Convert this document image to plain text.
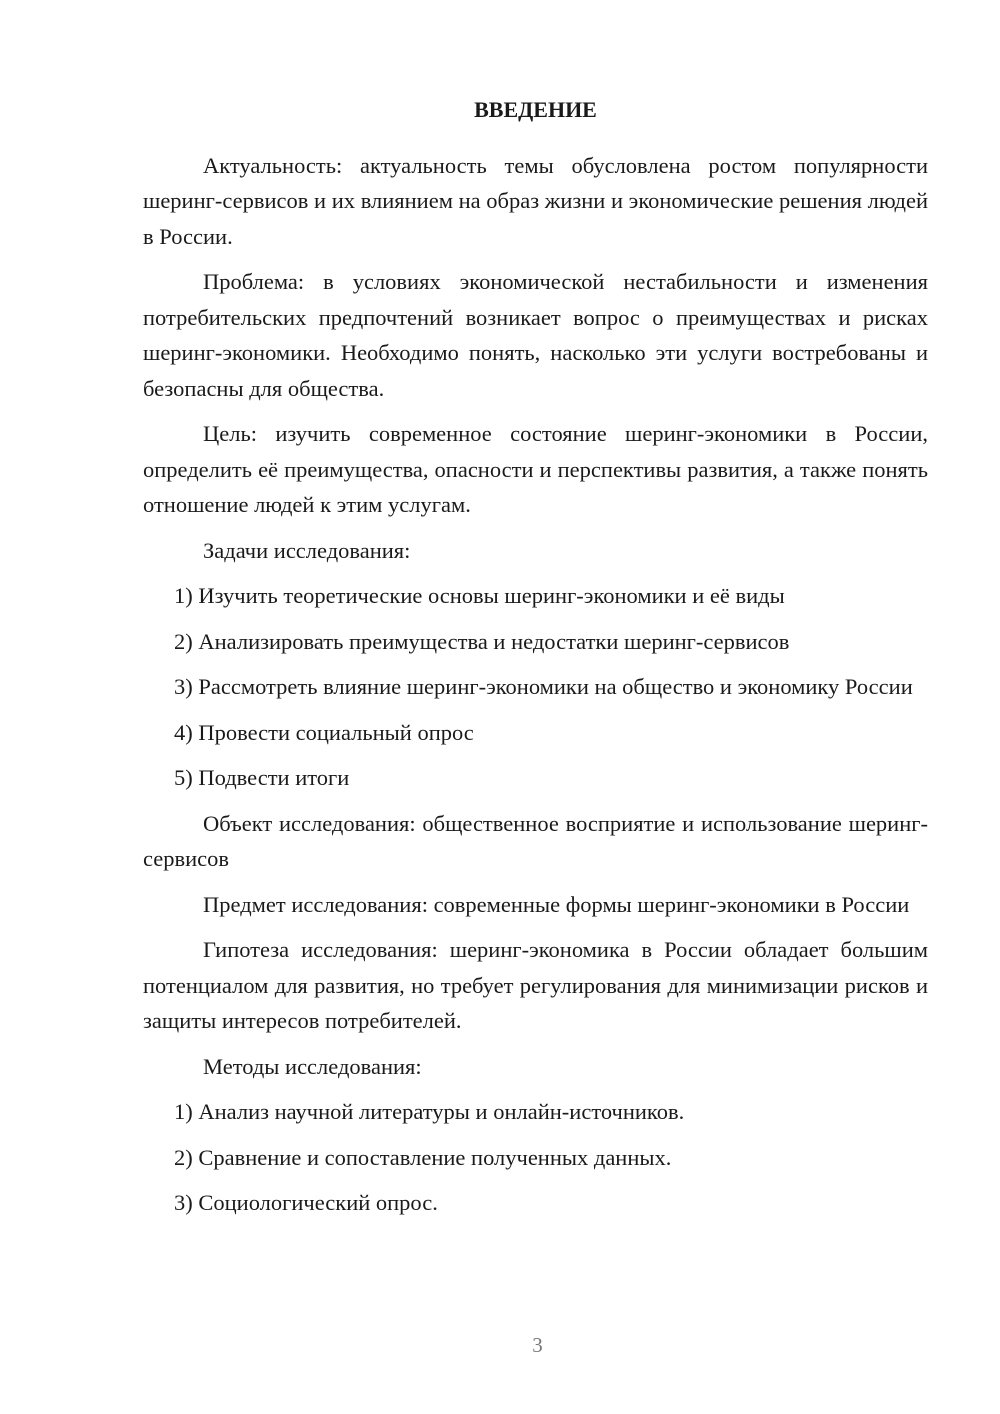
ВВЕДЕНИЕ

Актуальность: актуальность темы обусловлена ростом популярности шеринг-сервисов и их влиянием на образ жизни и экономические решения людей в России.

Проблема: в условиях экономической нестабильности и изменения потребительских предпочтений возникает вопрос о преимуществах и рисках шеринг-экономики. Необходимо понять, насколько эти услуги востребованы и безопасны для общества.

Цель: изучить современное состояние шеринг-экономики в России, определить её преимущества, опасности и перспективы развития, а также понять отношение людей к этим услугам.

Задачи исследования:

1) Изучить теоретические основы шеринг-экономики и её виды

2) Анализировать преимущества и недостатки шеринг-сервисов

3) Рассмотреть влияние шеринг-экономики на общество и экономику России

4) Провести социальный опрос

5) Подвести итоги

Объект исследования: общественное восприятие и использование шеринг-сервисов

Предмет исследования: современные формы шеринг-экономики в России

Гипотеза исследования: шеринг-экономика в России обладает большим потенциалом для развития, но требует регулирования для минимизации рисков и защиты интересов потребителей.

Методы исследования:

1) Анализ научной литературы и онлайн-источников.

2) Сравнение и сопоставление полученных данных.

3) Социологический опрос.

3
